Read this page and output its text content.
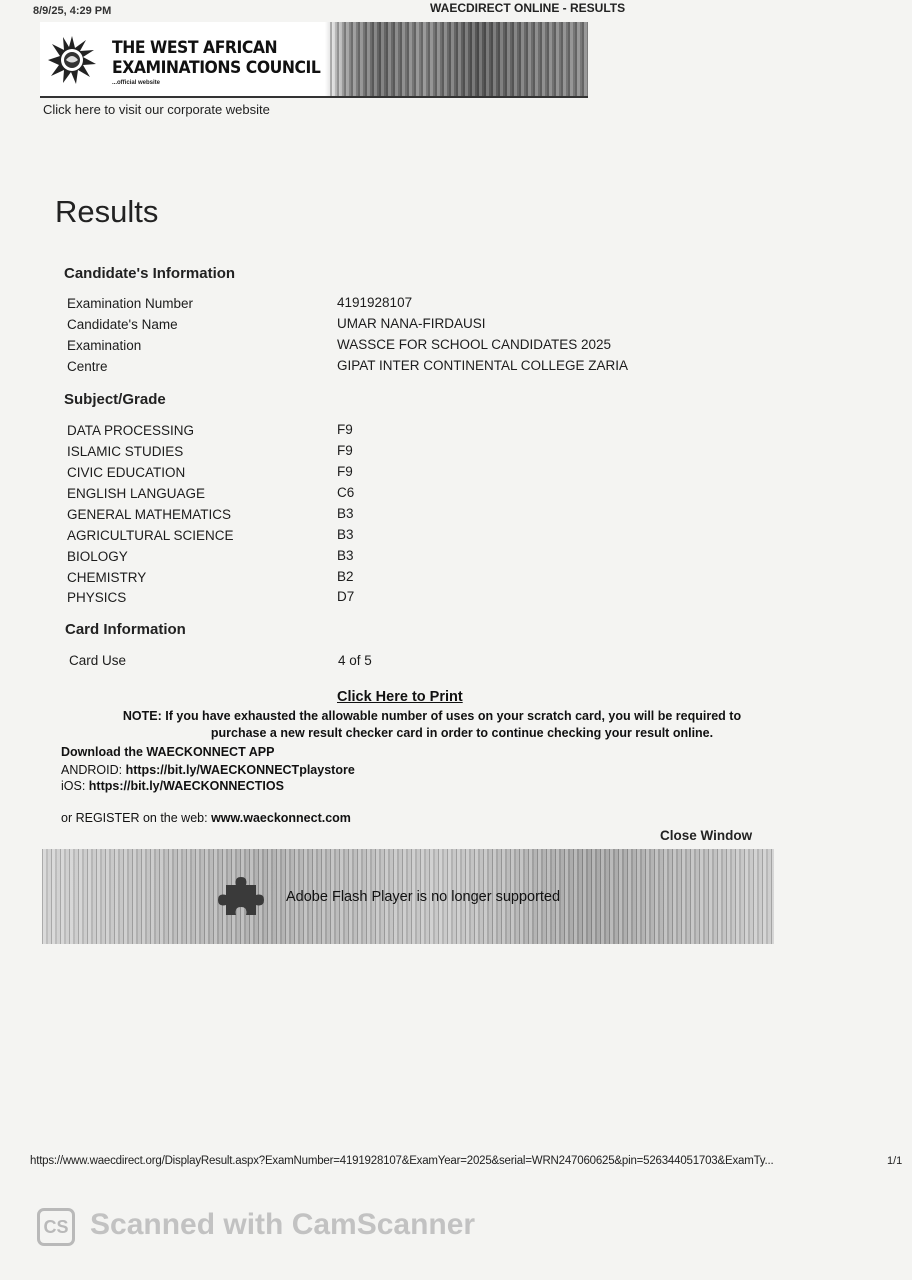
8/9/25, 4:29 PM	WAECDIRECT ONLINE - RESULTS
THE WEST AFRICAN
EXAMINATIONS COUNCIL
...official website
Click here to visit our corporate website
Results
Candidate's Information
Examination Number	4191928107
Candidate's Name	UMAR NANA-FIRDAUSI
Examination	WASSCE FOR SCHOOL CANDIDATES 2025
Centre	GIPAT INTER CONTINENTAL COLLEGE ZARIA
Subject/Grade
DATA PROCESSING	F9
ISLAMIC STUDIES	F9
CIVIC EDUCATION	F9
ENGLISH LANGUAGE	C6
GENERAL MATHEMATICS	B3
AGRICULTURAL SCIENCE	B3
BIOLOGY	B3
CHEMISTRY	B2
PHYSICS	D7
Card Information
Card Use	4 of 5
Click Here to Print
NOTE: If you have exhausted the allowable number of uses on your scratch card, you will be required to
purchase a new result checker card in order to continue checking your result online.
Download the WAECKONNECT APP
ANDROID: https://bit.ly/WAECKONNECTplaystore
iOS: https://bit.ly/WAECKONNECTIOS
or REGISTER on the web: www.waeckonnect.com
Close Window
Adobe Flash Player is no longer supported
https://www.waecdirect.org/DisplayResult.aspx?ExamNumber=4191928107&ExamYear=2025&serial=WRN247060625&pin=526344051703&ExamTy...	1/1
CS Scanned with CamScanner
